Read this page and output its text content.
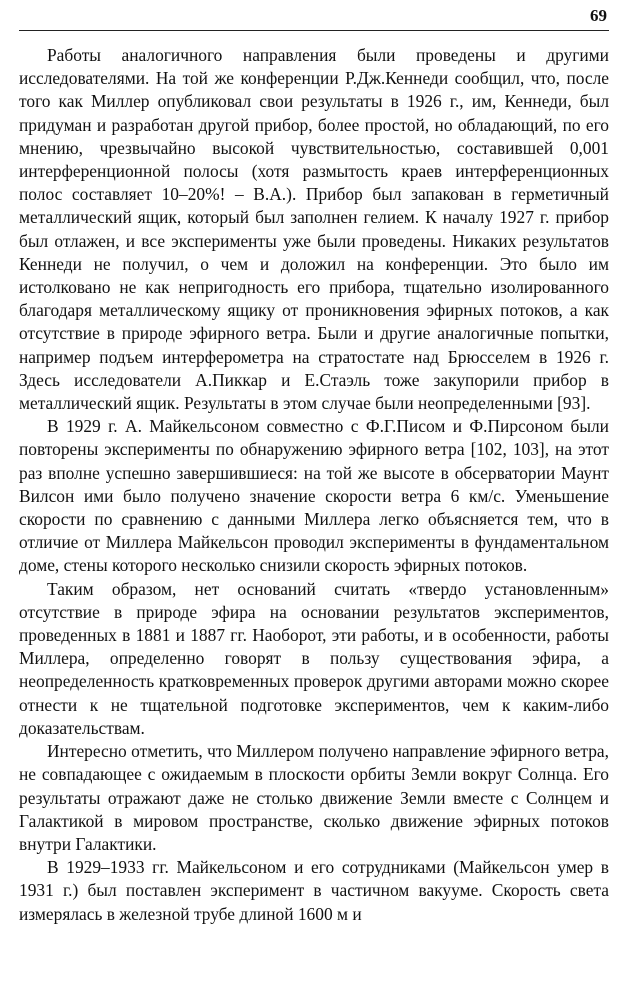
69

Работы аналогичного направления были проведены и другими исследователями. На той же конференции Р.Дж.Кеннеди сообщил, что, после того как Миллер опубликовал свои результаты в 1926 г., им, Кеннеди, был придуман и разработан другой прибор, более простой, но обладающий, по его мнению, чрезвычайно высокой чувствительностью, составившей 0,001 интерференционной полосы (хотя размытость краев интерференционных полос составляет 10–20%! – В.А.). Прибор был запакован в герметичный металлический ящик, который был заполнен гелием. К началу 1927 г. прибор был отлажен, и все эксперименты уже были проведены. Никаких результатов Кеннеди не получил, о чем и доложил на конференции. Это было им истолковано не как непригодность его прибора, тщательно изолированного благодаря металлическому ящику от проникновения эфирных потоков, а как отсутствие в природе эфирного ветра. Были и другие аналогичные попытки, например подъем интерферометра на стратостате над Брюсселем в 1926 г. Здесь исследователи А.Пиккар и Е.Стаэль тоже закупорили прибор в металлический ящик. Результаты в этом случае были неопределенными [93].

В 1929 г. А. Майкельсоном совместно с Ф.Г.Писом и Ф.Пирсоном были повторены эксперименты по обнаружению эфирного ветра [102, 103], на этот раз вполне успешно завершившиеся: на той же высоте в обсерватории Маунт Вилсон ими было получено значение скорости ветра 6 км/с. Уменьшение скорости по сравнению с данными Миллера легко объясняется тем, что в отличие от Миллера Майкельсон проводил эксперименты в фундаментальном доме, стены которого несколько снизили скорость эфирных потоков.

Таким образом, нет оснований считать «твердо установленным» отсутствие в природе эфира на основании результатов экспериментов, проведенных в 1881 и 1887 гг. Наоборот, эти работы, и в особенности, работы Миллера, определенно говорят в пользу существования эфира, а неопределенность кратковременных проверок другими авторами можно скорее отнести к не тщательной подготовке экспериментов, чем к каким-либо доказательствам.

Интересно отметить, что Миллером получено направление эфирного ветра, не совпадающее с ожидаемым в плоскости орбиты Земли вокруг Солнца. Его результаты отражают даже не столько движение Земли вместе с Солнцем и Галактикой в мировом пространстве, сколько движение эфирных потоков внутри Галактики.

В 1929–1933 гг. Майкельсоном и его сотрудниками (Майкельсон умер в 1931 г.) был поставлен эксперимент в частичном вакууме. Скорость света измерялась в железной трубе длиной 1600 м и
